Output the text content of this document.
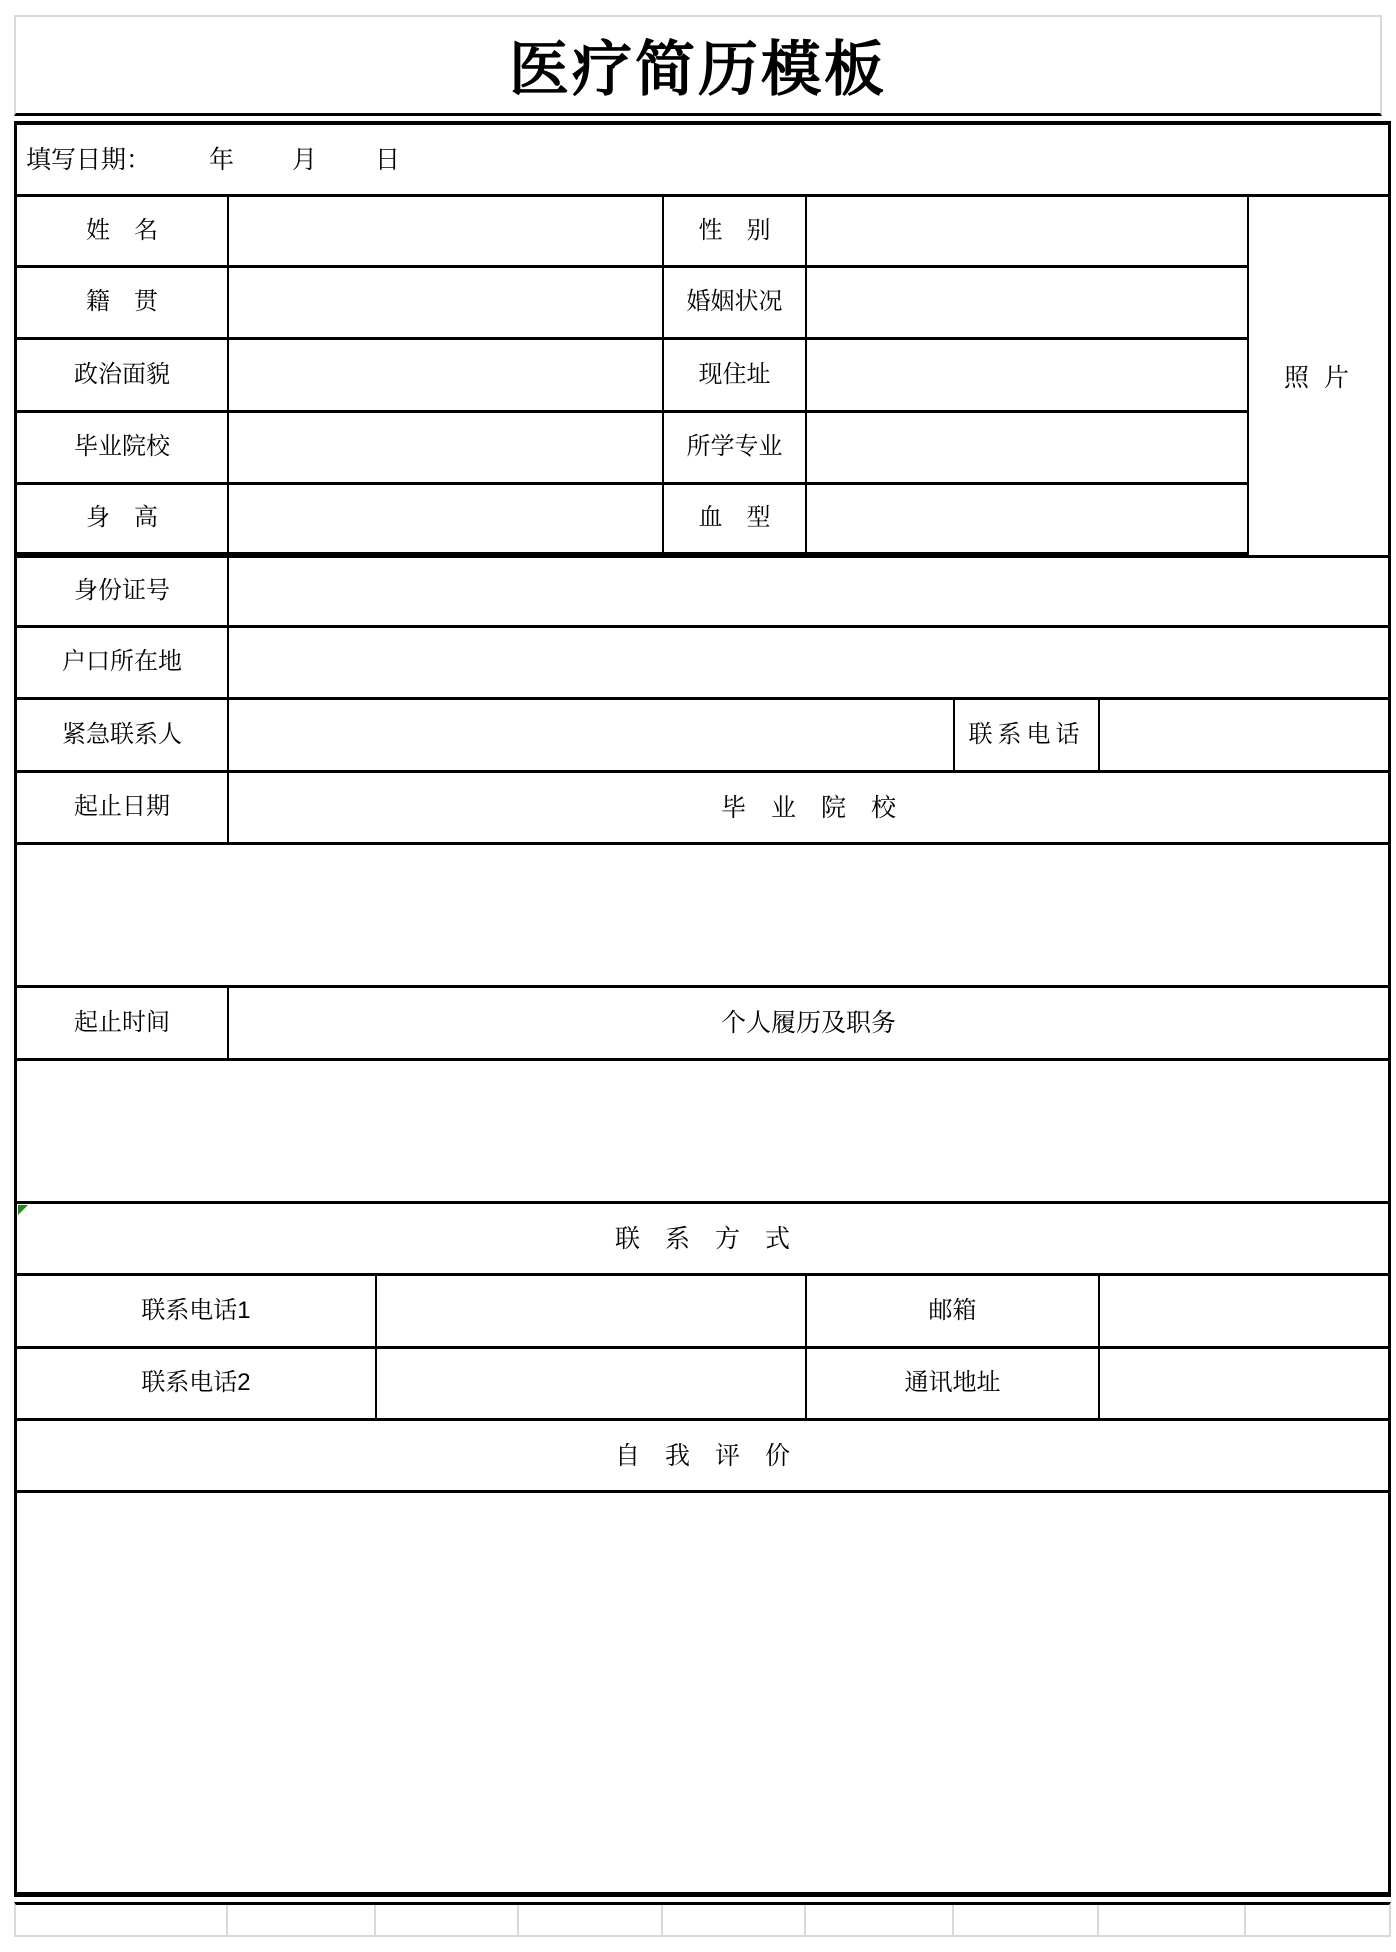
医疗简历模板
填写日期： 年 月 日
姓　名	性　别
籍　贯	婚姻状况
政治面貌	现住址
毕业院校	所学专业
身　高	血　型
照 片
身份证号
户口所在地
紧急联系人	联系电话
起止日期	毕　业　院　校
起止时间	个人履历及职务
联　系　方　式
联系电话1	邮箱
联系电话2	通讯地址
自　我　评　价
